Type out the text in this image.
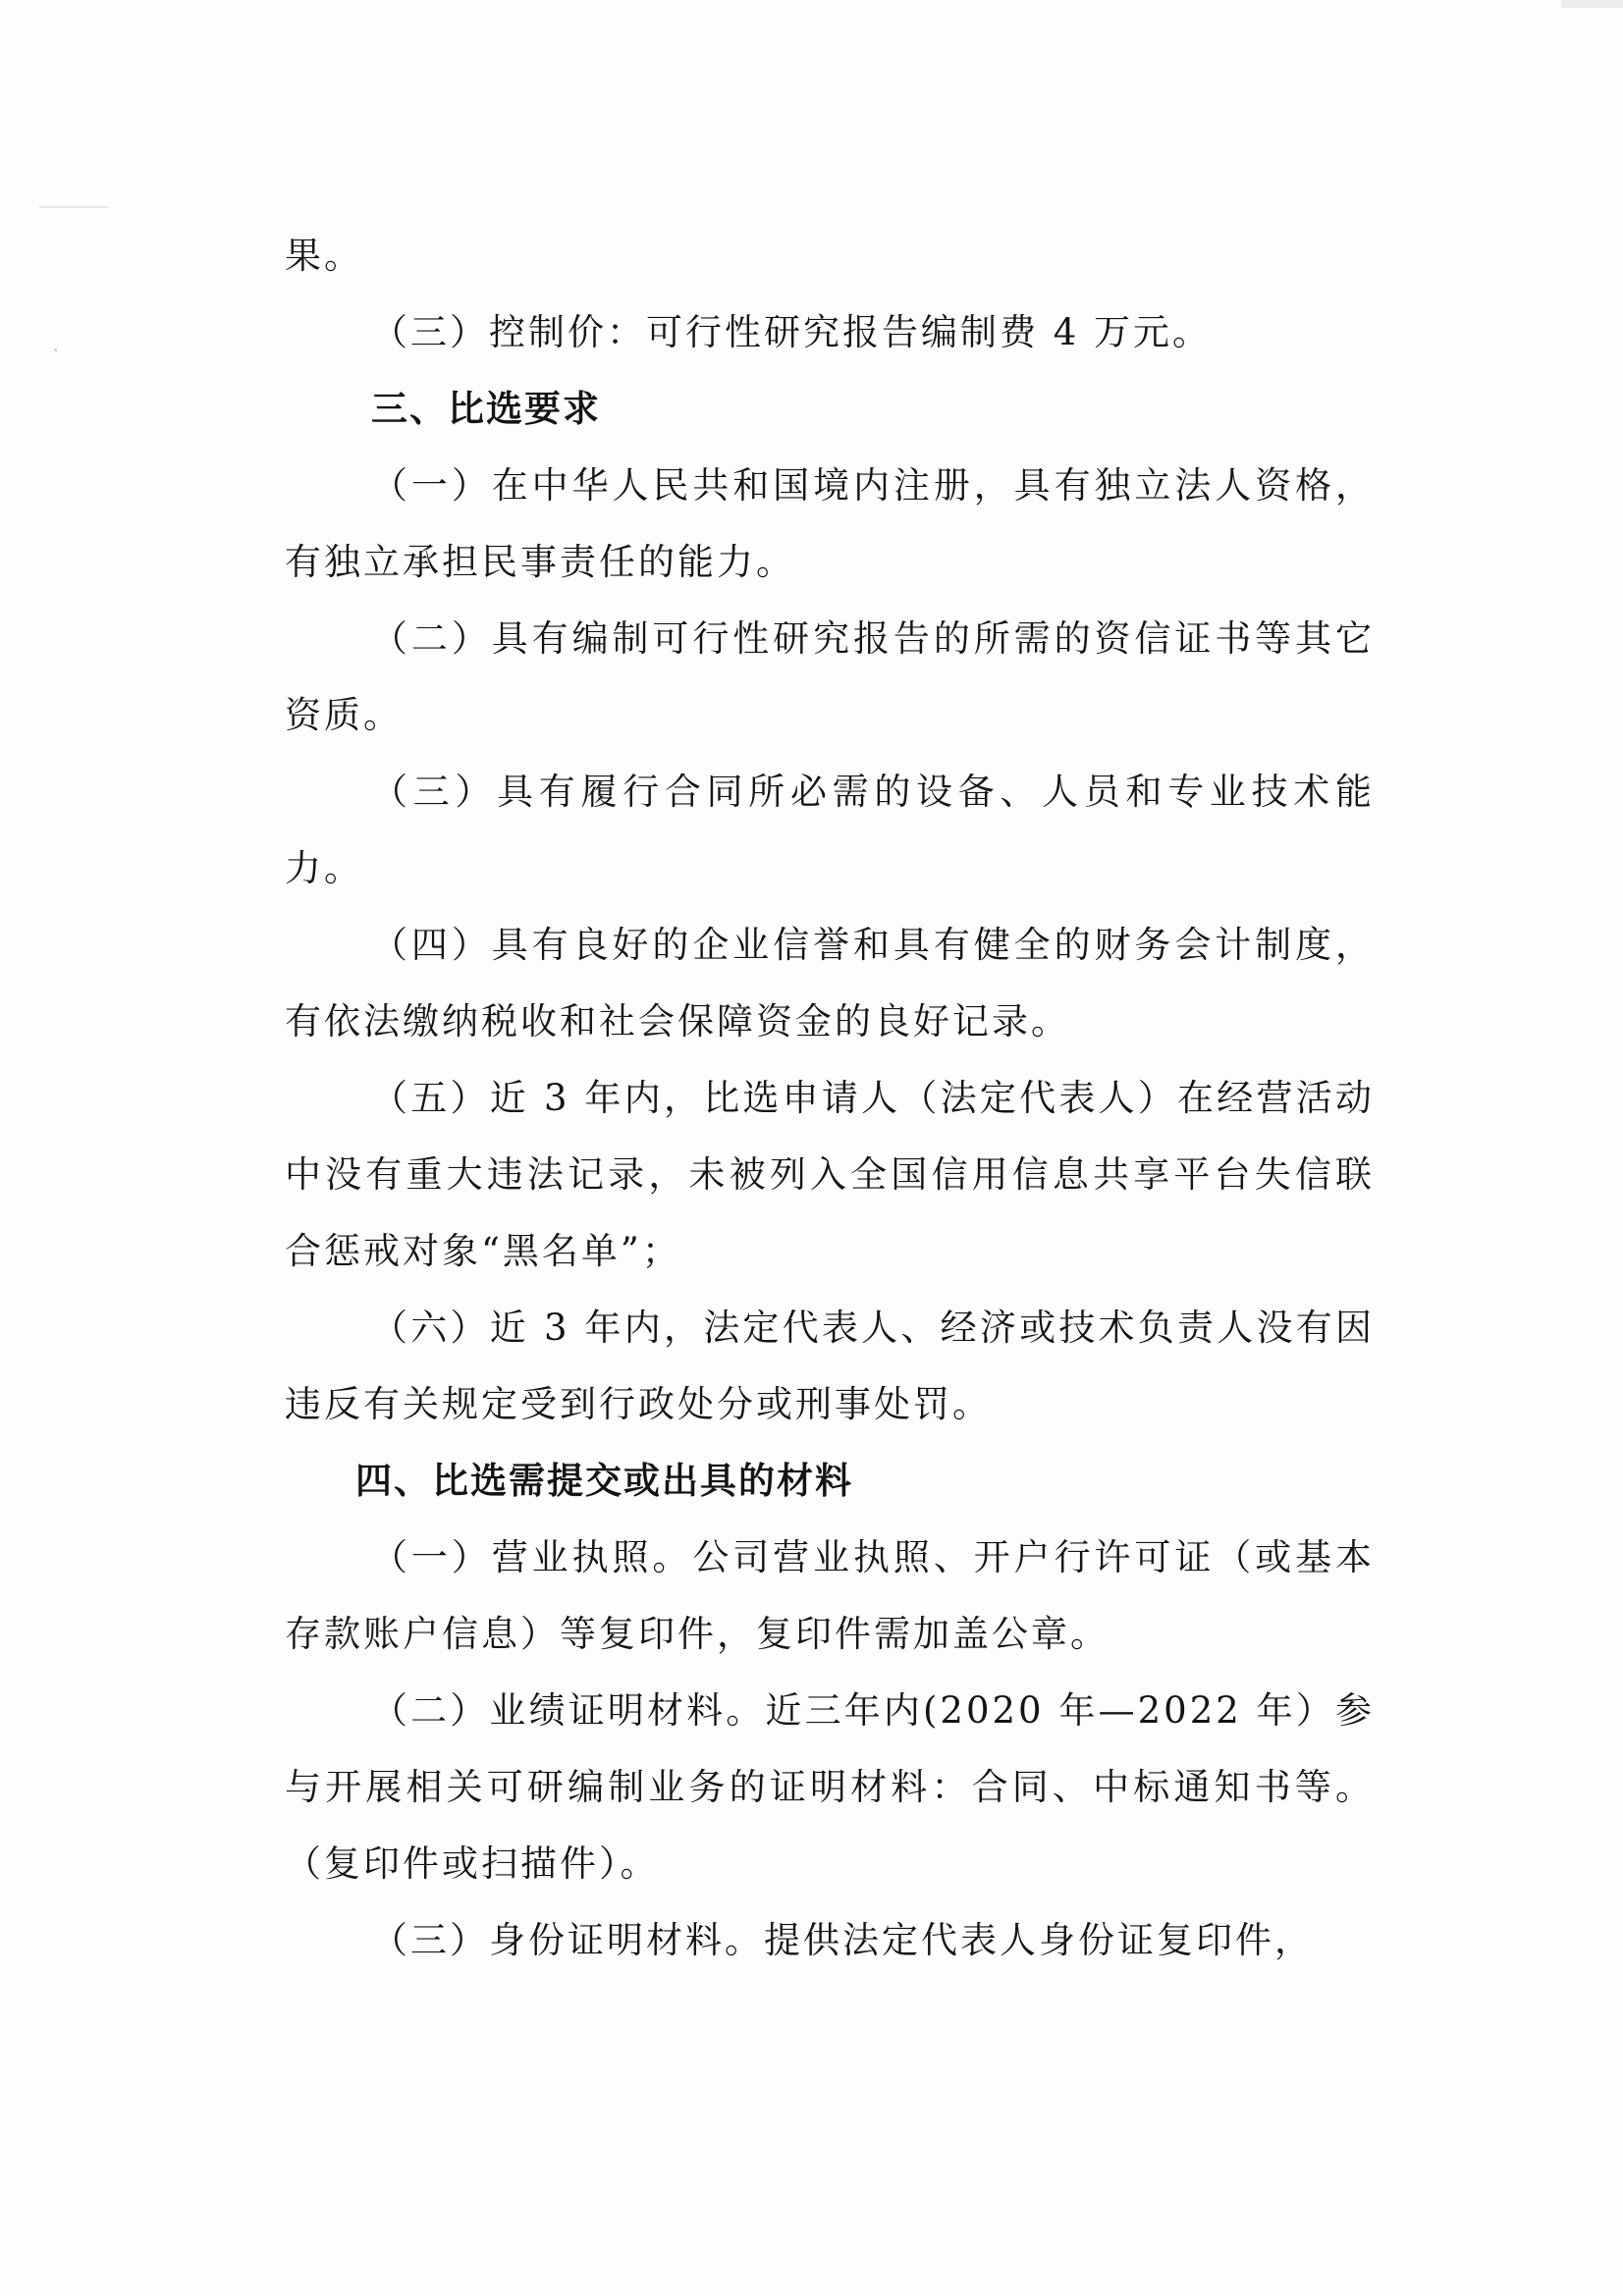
果。

（三）控制价：可行性研究报告编制费 4 万元。

三、比选要求

（一）在中华人民共和国境内注册，具有独立法人资格，有独立承担民事责任的能力。

（二）具有编制可行性研究报告的所需的资信证书等其它资质。

（三）具有履行合同所必需的设备、人员和专业技术能力。

（四）具有良好的企业信誉和具有健全的财务会计制度，有依法缴纳税收和社会保障资金的良好记录。

（五）近 3 年内，比选申请人（法定代表人）在经营活动中没有重大违法记录，未被列入全国信用信息共享平台失信联合惩戒对象“黑名单”；

（六）近 3 年内，法定代表人、经济或技术负责人没有因违反有关规定受到行政处分或刑事处罚。

四、比选需提交或出具的材料

（一）营业执照。公司营业执照、开户行许可证（或基本存款账户信息）等复印件，复印件需加盖公章。

（二）业绩证明材料。近三年内(2020 年—2022 年）参与开展相关可研编制业务的证明材料：合同、中标通知书等。（复印件或扫描件）。

（三）身份证明材料。提供法定代表人身份证复印件，
